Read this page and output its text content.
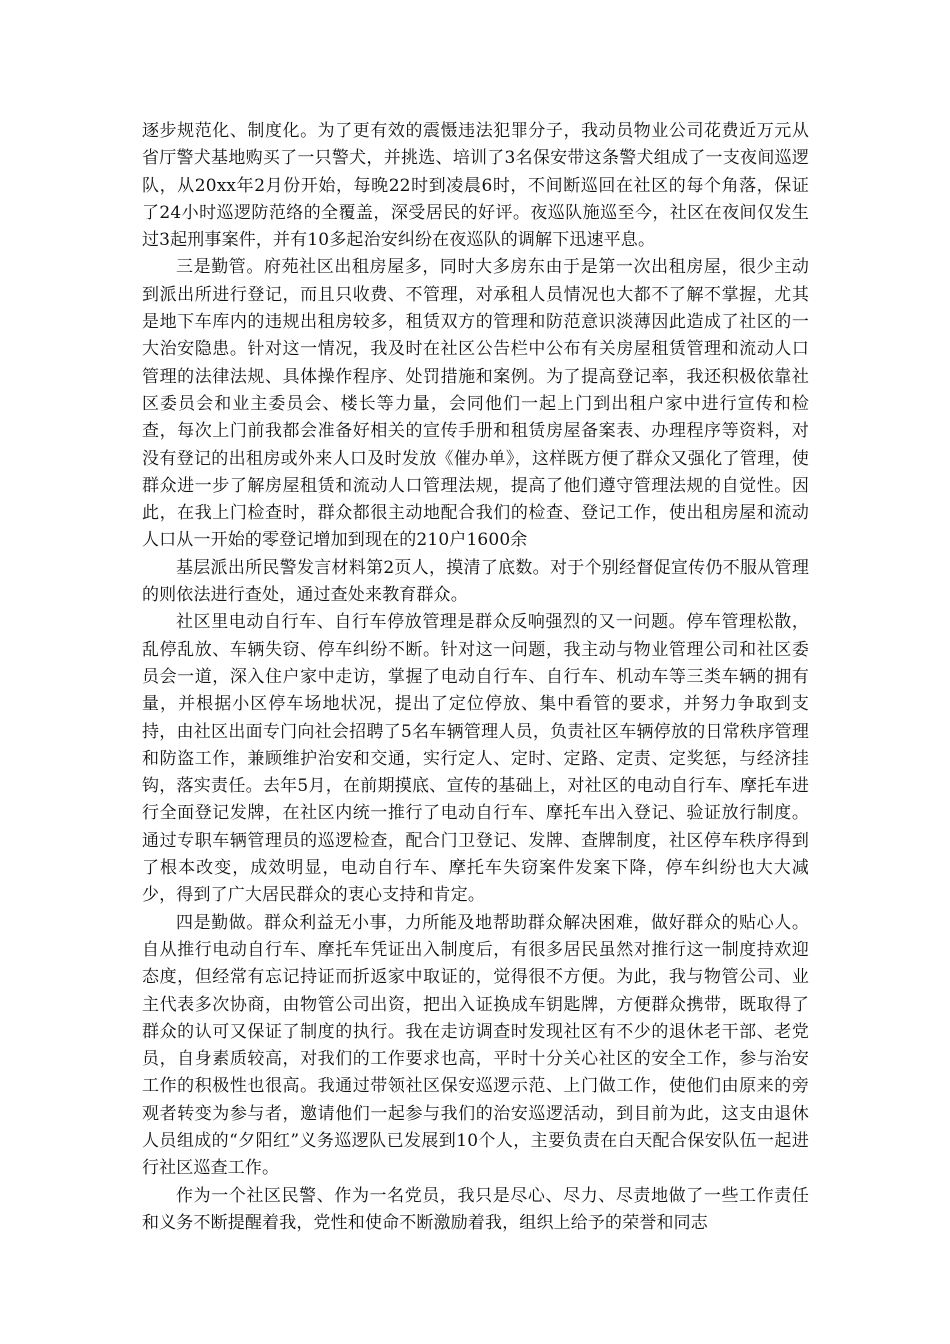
逐步规范化、制度化。为了更有效的震慑违法犯罪分子，我动员物业公司花费近万元从省厅警犬基地购买了一只警犬，并挑选、培训了3名保安带这条警犬组成了一支夜间巡逻队，从20xx年2月份开始，每晚22时到凌晨6时，不间断巡回在社区的每个角落，保证了24小时巡逻防范络的全覆盖，深受居民的好评。夜巡队施巡至今，社区在夜间仅发生过3起刑事案件，并有10多起治安纠纷在夜巡队的调解下迅速平息。

三是勤管。府苑社区出租房屋多，同时大多房东由于是第一次出租房屋，很少主动到派出所进行登记，而且只收费、不管理，对承租人员情况也大都不了解不掌握，尤其是地下车库内的违规出租房较多，租赁双方的管理和防范意识淡薄因此造成了社区的一大治安隐患。针对这一情况，我及时在社区公告栏中公布有关房屋租赁管理和流动人口管理的法律法规、具体操作程序、处罚措施和案例。为了提高登记率，我还积极依靠社区委员会和业主委员会、楼长等力量，会同他们一起上门到出租户家中进行宣传和检查，每次上门前我都会准备好相关的宣传手册和租赁房屋备案表、办理程序等资料，对没有登记的出租房或外来人口及时发放《催办单》，这样既方便了群众又强化了管理，使群众进一步了解房屋租赁和流动人口管理法规，提高了他们遵守管理法规的自觉性。因此，在我上门检查时，群众都很主动地配合我们的检查、登记工作，使出租房屋和流动人口从一开始的零登记增加到现在的210户1600余

基层派出所民警发言材料第2页人，摸清了底数。对于个别经督促宣传仍不服从管理的则依法进行查处，通过查处来教育群众。

社区里电动自行车、自行车停放管理是群众反响强烈的又一问题。停车管理松散，乱停乱放、车辆失窃、停车纠纷不断。针对这一问题，我主动与物业管理公司和社区委员会一道，深入住户家中走访，掌握了电动自行车、自行车、机动车等三类车辆的拥有量，并根据小区停车场地状况，提出了定位停放、集中看管的要求，并努力争取到支持，由社区出面专门向社会招聘了5名车辆管理人员，负责社区车辆停放的日常秩序管理和防盗工作，兼顾维护治安和交通，实行定人、定时、定路、定责、定奖惩，与经济挂钩，落实责任。去年5月，在前期摸底、宣传的基础上，对社区的电动自行车、摩托车进行全面登记发牌，在社区内统一推行了电动自行车、摩托车出入登记、验证放行制度。通过专职车辆管理员的巡逻检查，配合门卫登记、发牌、查牌制度，社区停车秩序得到了根本改变，成效明显，电动自行车、摩托车失窃案件发案下降，停车纠纷也大大减少，得到了广大居民群众的衷心支持和肯定。

四是勤做。群众利益无小事，力所能及地帮助群众解决困难，做好群众的贴心人。自从推行电动自行车、摩托车凭证出入制度后，有很多居民虽然对推行这一制度持欢迎态度，但经常有忘记持证而折返家中取证的，觉得很不方便。为此，我与物管公司、业主代表多次协商，由物管公司出资，把出入证换成车钥匙牌，方便群众携带，既取得了群众的认可又保证了制度的执行。我在走访调查时发现社区有不少的退休老干部、老党员，自身素质较高，对我们的工作要求也高，平时十分关心社区的安全工作，参与治安工作的积极性也很高。我通过带领社区保安巡逻示范、上门做工作，使他们由原来的旁观者转变为参与者，邀请他们一起参与我们的治安巡逻活动，到目前为此，这支由退休人员组成的“夕阳红”义务巡逻队已发展到10个人，主要负责在白天配合保安队伍一起进行社区巡查工作。

作为一个社区民警、作为一名党员，我只是尽心、尽力、尽责地做了一些工作责任和义务不断提醒着我，党性和使命不断激励着我，组织上给予的荣誉和同志
